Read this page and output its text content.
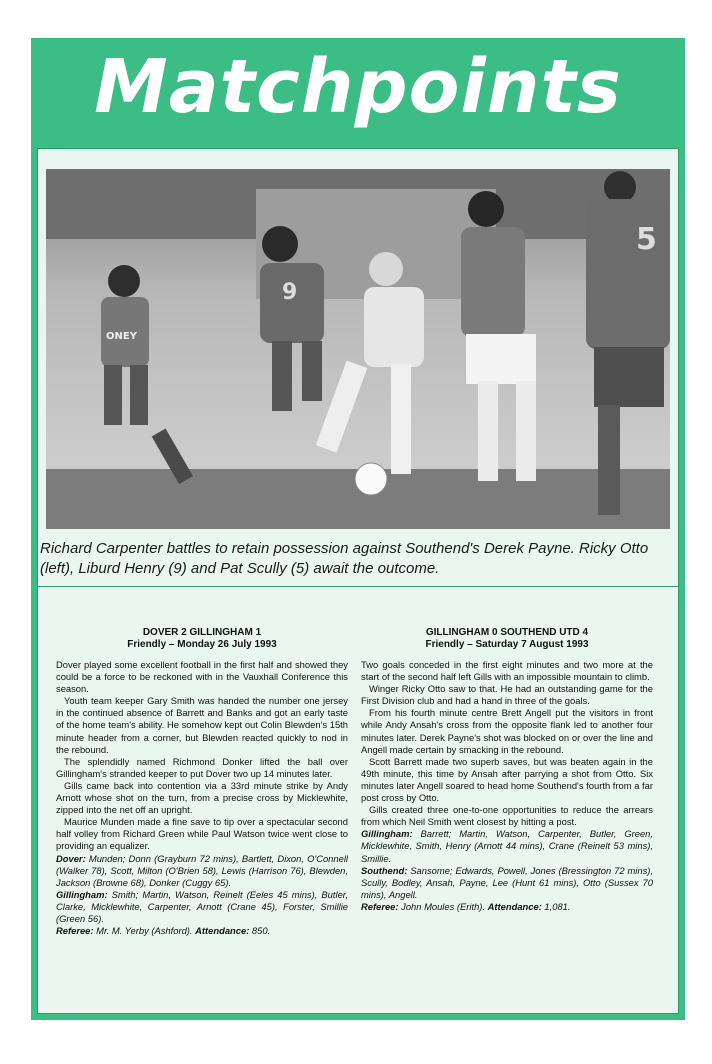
Matchpoints
ONEY
9
5
Richard Carpenter battles to retain possession against Southend's Derek Payne. Ricky Otto (left), Liburd Henry (9) and Pat Scully (5) await the outcome.
DOVER 2 GILLINGHAM 1
Friendly – Monday 26 July 1993

Dover played some excellent football in the first half and showed they could be a force to be reckoned with in the Vauxhall Conference this season.

Youth team keeper Gary Smith was handed the number one jersey in the continued absence of Barrett and Banks and got an early taste of the home team's ability. He somehow kept out Colin Blewden's 15th minute header from a corner, but Blewden reacted quickly to nod in the rebound.

The splendidly named Richmond Donker lifted the ball over Gillingham's stranded keeper to put Dover two up 14 minutes later.

Gills came back into contention via a 33rd minute strike by Andy Arnott whose shot on the turn, from a precise cross by Micklewhite, zipped into the net off an upright.

Maurice Munden made a fine save to tip over a spectacular second half volley from Richard Green while Paul Watson twice went close to providing an equalizer.

Dover: Munden; Donn (Grayburn 72 mins), Bartlett, Dixon, O'Connell (Walker 78), Scott, Milton (O'Brien 58), Lewis (Harrison 76), Blewden, Jackson (Browne 68), Donker (Cuggy 65).

Gillingham: Smith; Martin, Watson, Reinelt (Eeles 45 mins), Butler, Clarke, Micklewhite, Carpenter, Arnott (Crane 45), Forster, Smillie (Green 56).

Referee: Mr. M. Yerby (Ashford). Attendance: 850.

GILLINGHAM 0 SOUTHEND UTD 4
Friendly – Saturday 7 August 1993

Two goals conceded in the first eight minutes and two more at the start of the second half left Gills with an impossible mountain to climb.

Winger Ricky Otto saw to that. He had an outstanding game for the First Division club and had a hand in three of the goals.

From his fourth minute centre Brett Angell put the visitors in front while Andy Ansah's cross from the opposite flank led to another four minutes later. Derek Payne's shot was blocked on or over the line and Angell made certain by smacking in the rebound.

Scott Barrett made two superb saves, but was beaten again in the 49th minute, this time by Ansah after parrying a shot from Otto. Six minutes later Angell soared to head home Southend's fourth from a far post cross by Otto.

Gills created three one-to-one opportunities to reduce the arrears from which Neil Smith went closest by hitting a post.

Gillingham: Barrett; Martin, Watson, Carpenter, Butler, Green, Micklewhite, Smith, Henry (Arnott 44 mins), Crane (Reinelt 53 mins), Smillie.

Southend: Sansome; Edwards, Powell, Jones (Bressington 72 mins), Scully, Bodley, Ansah, Payne, Lee (Hunt 61 mins), Otto (Sussex 70 mins), Angell.

Referee: John Moules (Erith). Attendance: 1,081.
